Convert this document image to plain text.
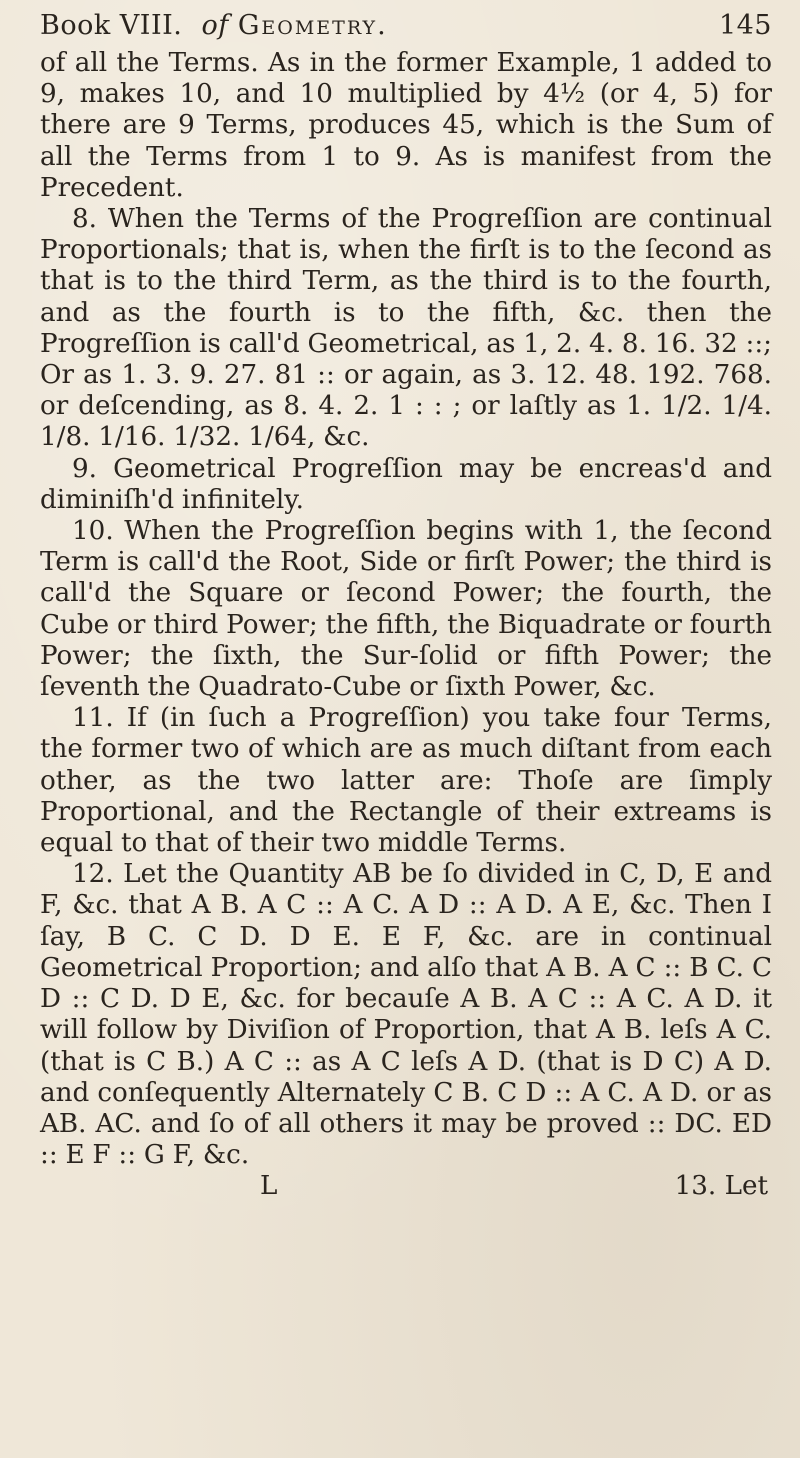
Book VIII. of Geometry.	145

of all the Terms. As in the former Example, 1 added to 9, makes 10, and 10 multiplied by 4½ (or 4, 5) for there are 9 Terms, produces 45, which is the Sum of all the Terms from 1 to 9. As is manifest from the Precedent.

8. When the Terms of the Progreſſion are continual Proportionals; that is, when the firſt is to the ſecond as that is to the third Term, as the third is to the fourth, and as the fourth is to the fifth, &c. then the Progreſſion is call'd Geometrical, as 1, 2. 4. 8. 16. 32 ::; Or as 1. 3. 9. 27. 81 :: or again, as 3. 12. 48. 192. 768. or deſcending, as 8. 4. 2. 1 : : ; or laſtly as 1. 1/2. 1/4. 1/8. 1/16. 1/32. 1/64, &c.

9. Geometrical Progreſſion may be encreas'd and diminiſh'd infinitely.

10. When the Progreſſion begins with 1, the ſecond Term is call'd the Root, Side or firſt Power; the third is call'd the Square or ſecond Power; the fourth, the Cube or third Power; the fifth, the Biquadrate or fourth Power; the ſixth, the Sur-ſolid or fifth Power; the ſeventh the Quadrato-Cube or ſixth Power, &c.

11. If (in ſuch a Progreſſion) you take four Terms, the former two of which are as much diſtant from each other, as the two latter are: Thoſe are ſimply Proportional, and the Rectangle of their extreams is equal to that of their two middle Terms.

12. Let the Quantity AB be ſo divided in C, D, E and F, &c. that A B. A C :: A C. A D :: A D. A E, &c. Then I ſay, B C. C D. D E. E F, &c. are in continual Geometrical Proportion; and alſo that A B. A C :: B C. C D :: C D. D E, &c. for becauſe A B. A C :: A C. A D. it will follow by Diviſion of Proportion, that A B. leſs A C. (that is C B.) A C :: as A C leſs A D. (that is D C) A D. and conſequently Alternately C B. C D :: A C. A D. or as AB. AC. and ſo of all others it may be proved :: DC. ED :: E F :: G F, &c.

L	13. Let
